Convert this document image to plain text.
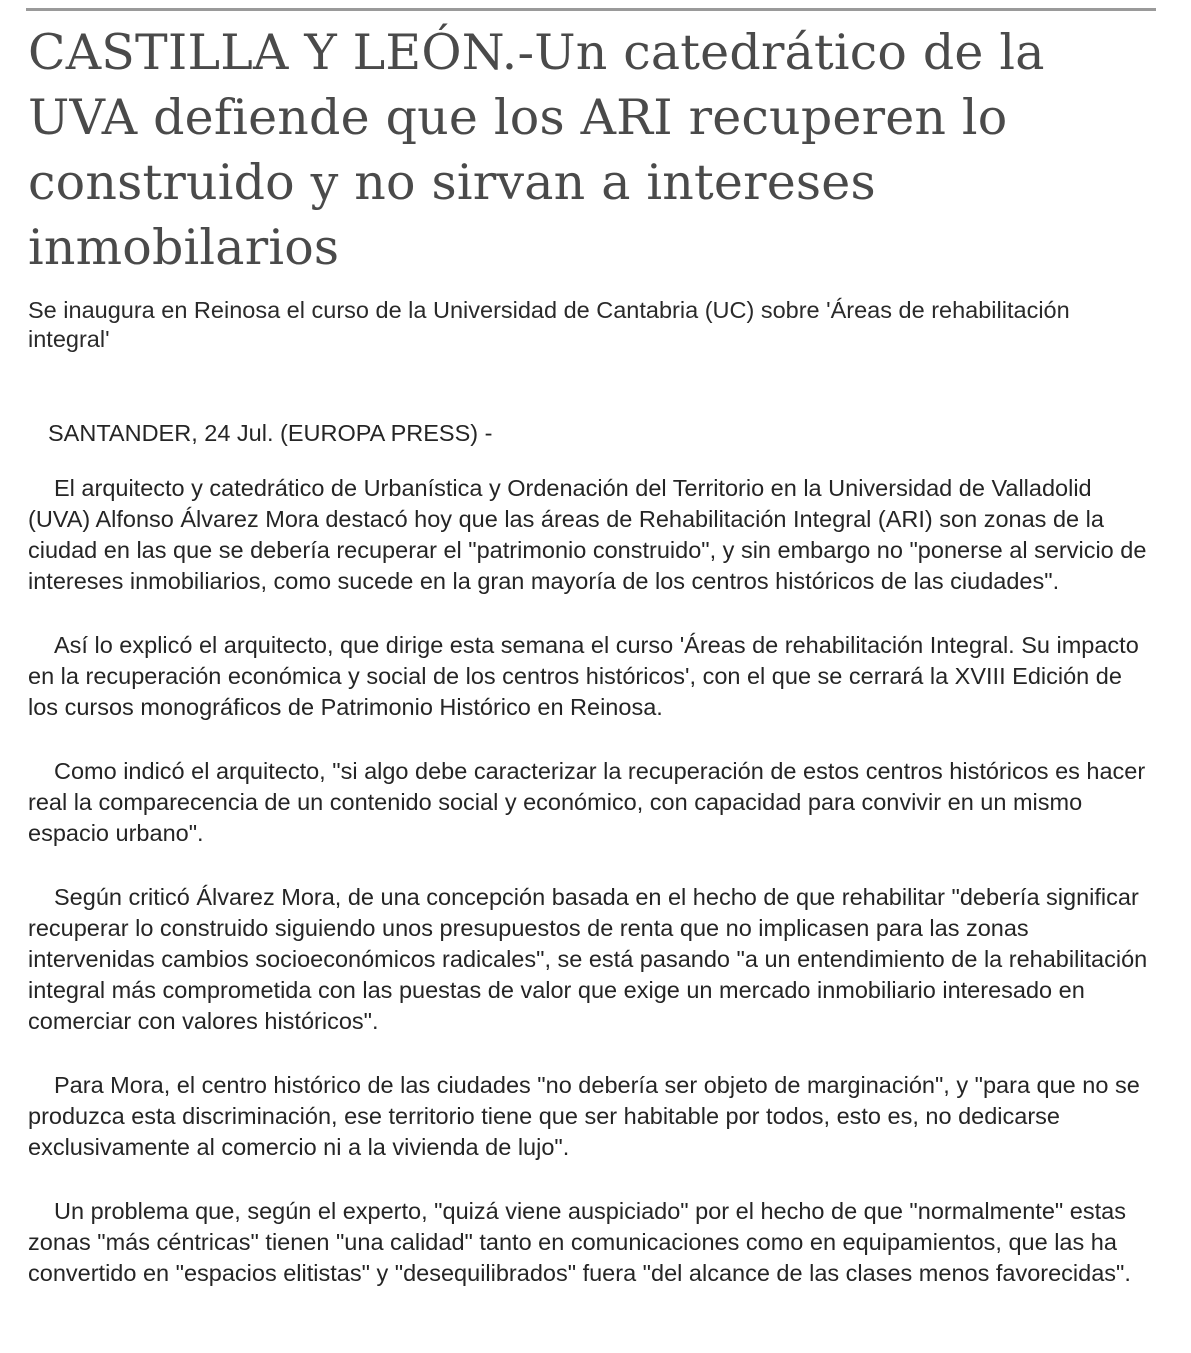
CASTILLA Y LEÓN.-Un catedrático de la UVA defiende que los ARI recuperen lo construido y no sirvan a intereses inmobilarios

Se inaugura en Reinosa el curso de la Universidad de Cantabria (UC) sobre 'Áreas de rehabilitación integral'

SANTANDER, 24 Jul. (EUROPA PRESS) -

El arquitecto y catedrático de Urbanística y Ordenación del Territorio en la Universidad de Valladolid (UVA) Alfonso Álvarez Mora destacó hoy que las áreas de Rehabilitación Integral (ARI) son zonas de la ciudad en las que se debería recuperar el "patrimonio construido", y sin embargo no "ponerse al servicio de intereses inmobiliarios, como sucede en la gran mayoría de los centros históricos de las ciudades".

Así lo explicó el arquitecto, que dirige esta semana el curso 'Áreas de rehabilitación Integral. Su impacto en la recuperación económica y social de los centros históricos', con el que se cerrará la XVIII Edición de los cursos monográficos de Patrimonio Histórico en Reinosa.

Como indicó el arquitecto, "si algo debe caracterizar la recuperación de estos centros históricos es hacer real la comparecencia de un contenido social y económico, con capacidad para convivir en un mismo espacio urbano".

Según criticó Álvarez Mora, de una concepción basada en el hecho de que rehabilitar "debería significar recuperar lo construido siguiendo unos presupuestos de renta que no implicasen para las zonas intervenidas cambios socioeconómicos radicales", se está pasando "a un entendimiento de la rehabilitación integral más comprometida con las puestas de valor que exige un mercado inmobiliario interesado en comerciar con valores históricos".

Para Mora, el centro histórico de las ciudades "no debería ser objeto de marginación", y "para que no se produzca esta discriminación, ese territorio tiene que ser habitable por todos, esto es, no dedicarse exclusivamente al comercio ni a la vivienda de lujo".

Un problema que, según el experto, "quizá viene auspiciado" por el hecho de que "normalmente" estas zonas "más céntricas" tienen "una calidad" tanto en comunicaciones como en equipamientos, que las ha convertido en "espacios elitistas" y "desequilibrados" fuera "del alcance de las clases menos favorecidas".
